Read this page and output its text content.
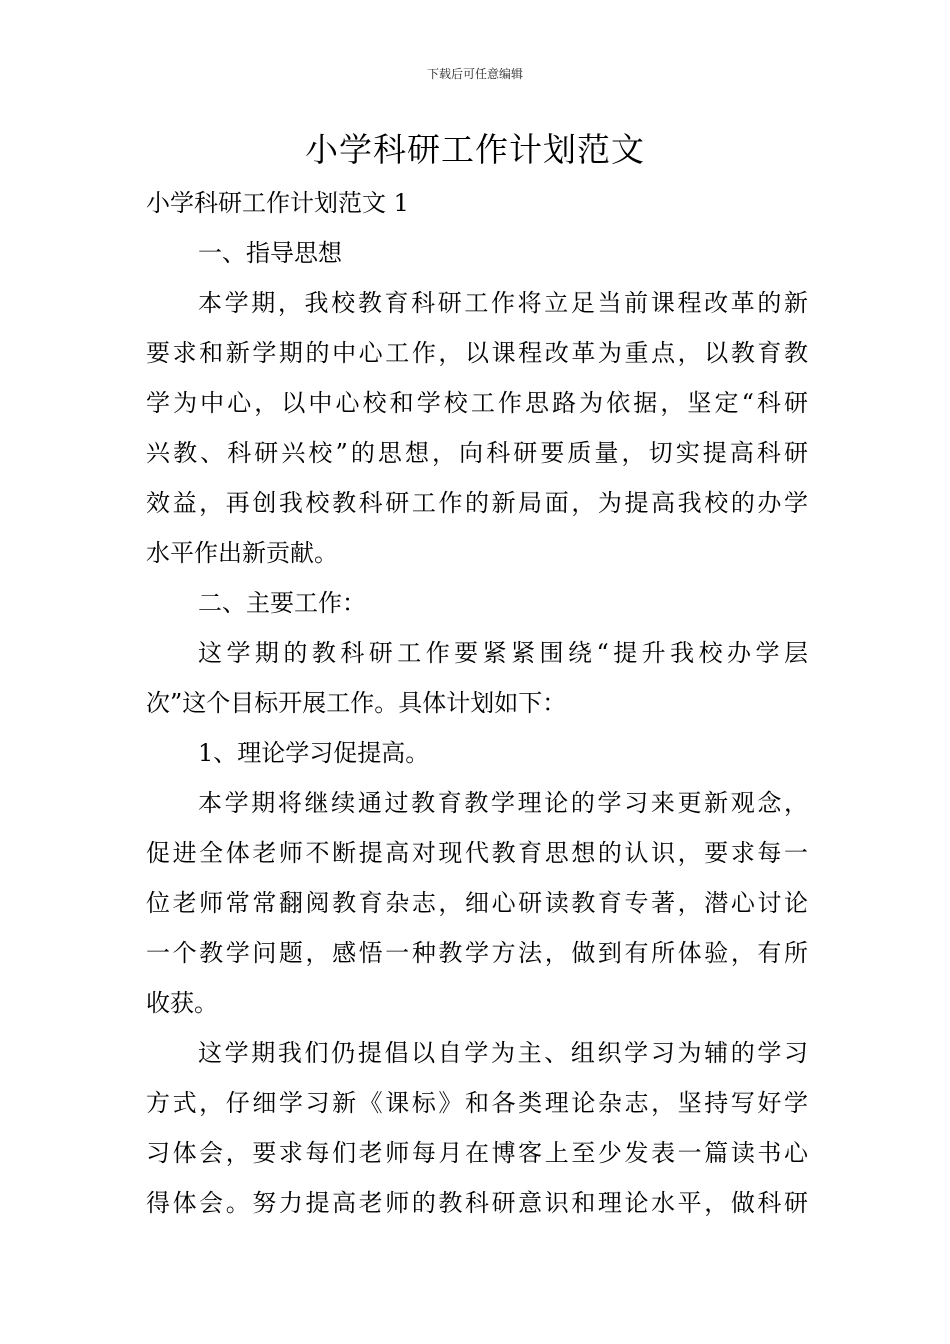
下载后可任意编辑
小学科研工作计划范文
小学科研工作计划范文 1
一、指导思想
本学期，我校教育科研工作将立足当前课程改革的新
要求和新学期的中心工作，以课程改革为重点，以教育教
学为中心，以中心校和学校工作思路为依据，坚定“科研
兴教、科研兴校”的思想，向科研要质量，切实提高科研
效益，再创我校教科研工作的新局面，为提高我校的办学
水平作出新贡献。
二、主要工作：
这学期的教科研工作要紧紧围绕“提升我校办学层
次”这个目标开展工作。具体计划如下：
1、理论学习促提高。
本学期将继续通过教育教学理论的学习来更新观念，
促进全体老师不断提高对现代教育思想的认识，要求每一
位老师常常翻阅教育杂志，细心研读教育专著，潜心讨论
一个教学问题，感悟一种教学方法，做到有所体验，有所
收获。
这学期我们仍提倡以自学为主、组织学习为辅的学习
方式，仔细学习新《课标》和各类理论杂志，坚持写好学
习体会，要求每们老师每月在博客上至少发表一篇读书心
得体会。努力提高老师的教科研意识和理论水平，做科研
